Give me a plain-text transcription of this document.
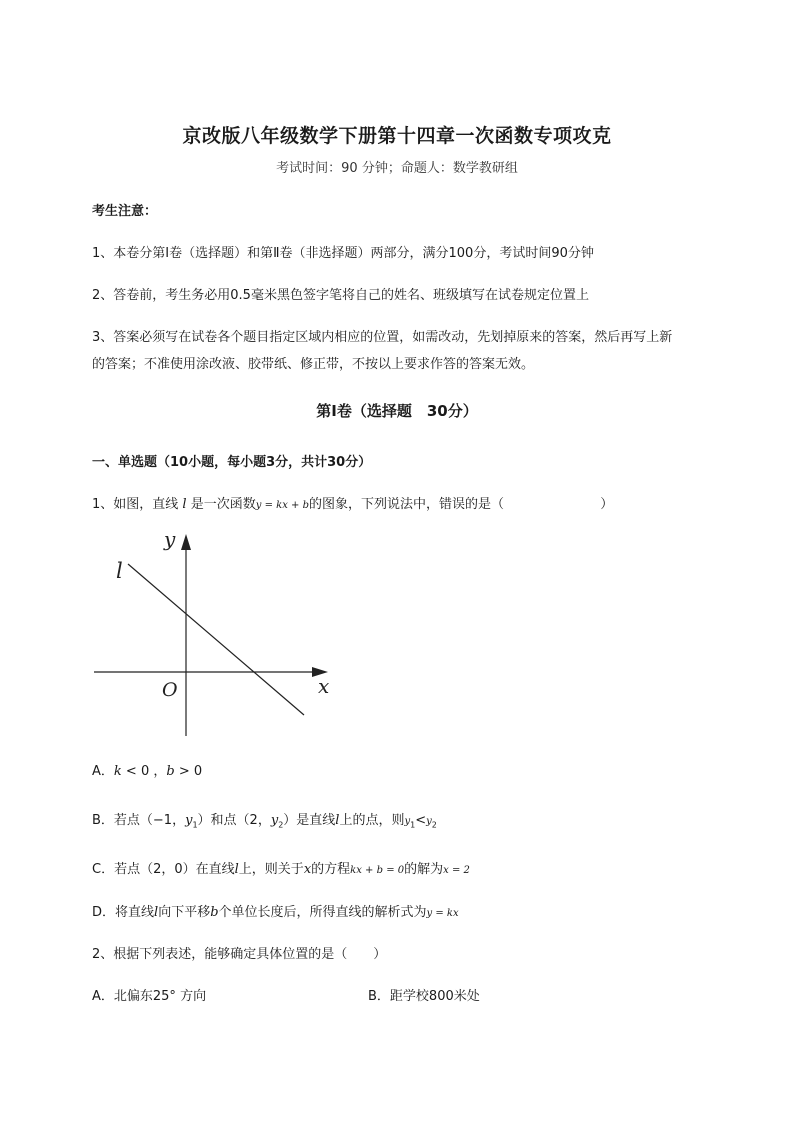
京改版八年级数学下册第十四章一次函数专项攻克
考试时间：90 分钟；命题人：数学教研组
考生注意：
1、本卷分第Ⅰ卷（选择题）和第Ⅱ卷（非选择题）两部分，满分100分，考试时间90分钟
2、答卷前，考生务必用0.5毫米黑色签字笔将自己的姓名、班级填写在试卷规定位置上
3、答案必须写在试卷各个题目指定区域内相应的位置，如需改动，先划掉原来的答案，然后再写上新
的答案；不准使用涂改液、胶带纸、修正带，不按以上要求作答的答案无效。
第Ⅰ卷（选择题　30分）
一、单选题（10小题，每小题3分，共计30分）
1、如图，直线 l 是一次函数y = kx + b的图象，下列说法中，错误的是（	）
y
x
O
l
A．k < 0 ，b > 0
B．若点（−1，$y_1$）和点（2，$y_2$）是直线l上的点，则$y_1<y_2$
C．若点（2，0）在直线l上，则关于x的方程kx + b = 0的解为x = 2
D．将直线l向下平移b个单位长度后，所得直线的解析式为y = kx
2、根据下列表述，能够确定具体位置的是（　　）
A．北偏东25° 方向	B．距学校800米处
